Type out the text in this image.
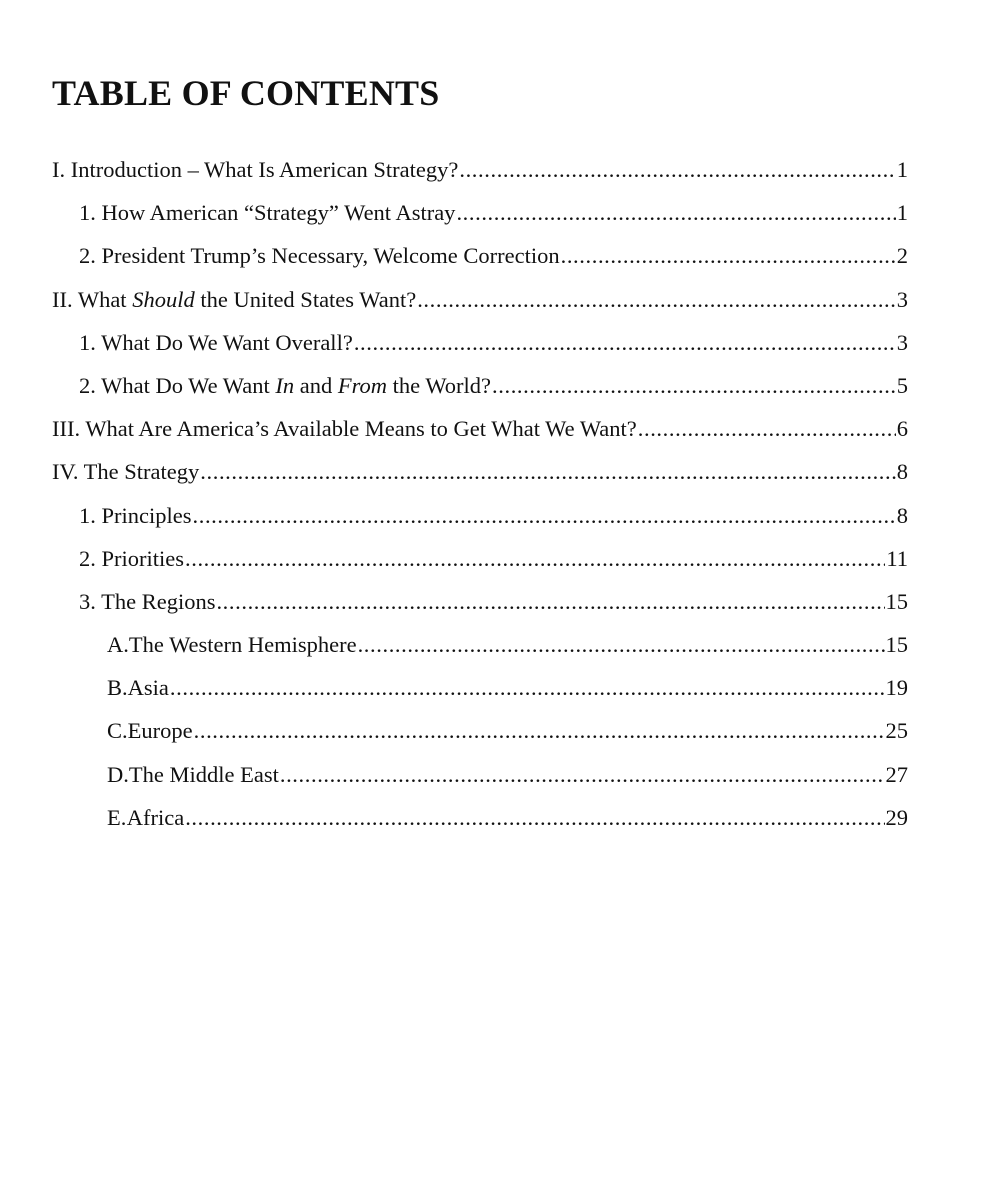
TABLE OF CONTENTS
I. Introduction – What Is American Strategy? .....	1
1. How American “Strategy” Went Astray .....	1
2. President Trump’s Necessary, Welcome Correction .....	2
II. What Should the United States Want? .....	3
1. What Do We Want Overall? .....	3
2. What Do We Want In and From the World? .....	5
III. What Are America’s Available Means to Get What We Want? .....	6
IV. The Strategy .....	8
1. Principles .....	8
2. Priorities .....	11
3. The Regions .....	15
A. The Western Hemisphere .....	15
B. Asia .....	19
C. Europe .....	25
D. The Middle East .....	27
E. Africa .....	29
